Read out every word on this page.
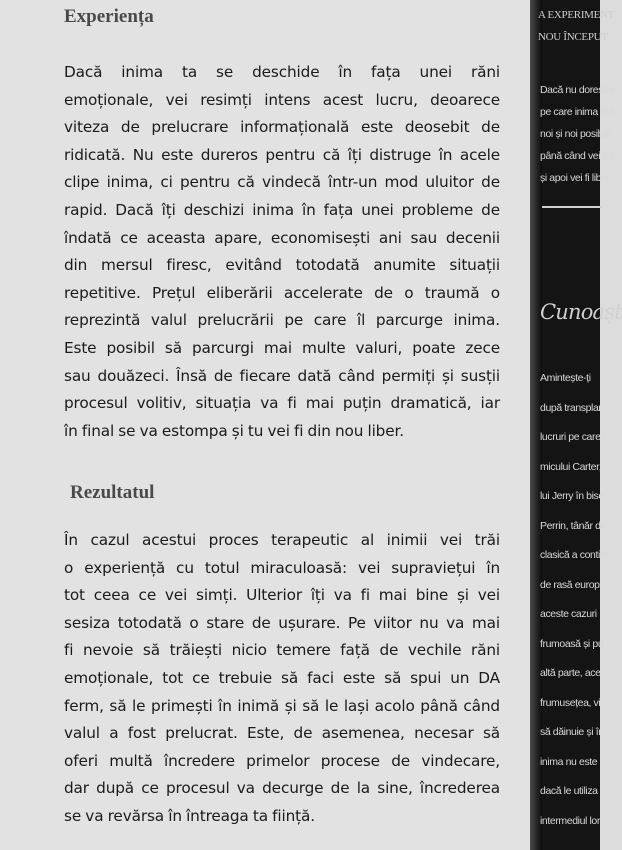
Experiența

Dacă inima ta se deschide în fața unei răni
emoționale, vei resimți intens acest lucru, deoarece
viteza de prelucrare informațională este deosebit de
ridicată. Nu este dureros pentru că îți distruge în acele
clipe inima, ci pentru că vindecă într-un mod uluitor de
rapid. Dacă îți deschizi inima în fața unei probleme de
îndată ce aceasta apare, economisești ani sau decenii
din mersul firesc, evitând totodată anumite situații
repetitive. Prețul eliberării accelerate de o traumă o
reprezintă valul prelucrării pe care îl parcurge inima.
Este posibil să parcurgi mai multe valuri, poate zece
sau douăzeci. Însă de fiecare dată când permiți și susții
procesul volitiv, situația va fi mai puțin dramatică, iar
în final se va estompa și tu vei fi din nou liber.

Rezultatul

În cazul acestui proces terapeutic al inimii vei trăi
o experiență cu totul miraculoasă: vei supraviețui în
tot ceea ce vei simți. Ulterior îți va fi mai bine și vei
sesiza totodată o stare de ușurare. Pe viitor nu va mai
fi nevoie să trăiești nicio temere față de vechile răni
emoționale, tot ce trebuie să faci este să spui un DA
ferm, să le primești în inimă și să le lași acolo până când
valul a fost prelucrat. Este, de asemenea, necesar să
oferi multă încredere primelor procese de vindecare,
dar după ce procesul va decurge de la sine, încrederea
se va revărsa în întreaga ta ființă.

A EXPERIMENT

NOU ÎNCEPUT

Dacă nu dorești s

pe care inima le s

noi și noi posibilit

până când vei fi c

și apoi vei fi liber

Cunoașt

Amintește-ți

după transplan

lucruri pe care l

micului Carter,

lui Jerry în bise

Perrin, tânăr de

clasică a contin

de rasă europ

aceste cazuri

frumoasă și pu

altă parte, ace

frumusețea, vi

să dăinuie și în

inima nu este

dacă le utiliza

intermediul lor
